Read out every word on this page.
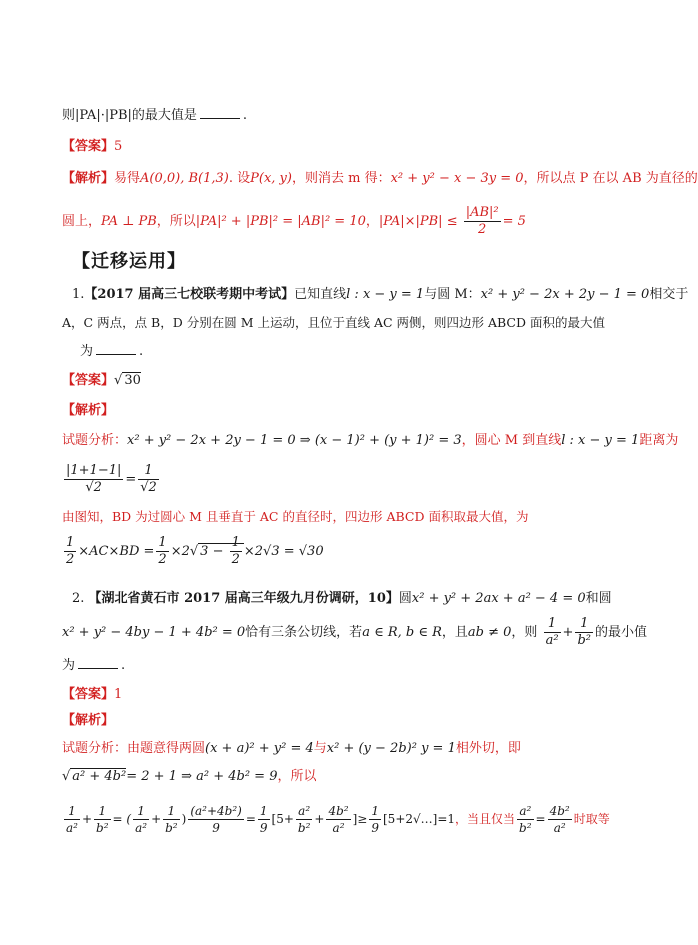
则|PA|·|PB|的最大值是	.
【答案】5
【解析】易得A(0,0), B(1,3). 设P(x, y)，则消去 m 得：x² + y² − x − 3y = 0，所以点 P 在以 AB 为直径的
圆上，PA ⊥ PB，所以|PA|² + |PB|² = |AB|² = 10，$|PA|\times|PB| \le \frac{\text{|AB|²}}{2} = 5$
【迁移运用】
1.【2017 届高三七校联考期中考试】已知直线l : x − y = 1与圆 M：x² + y² − 2x + 2y − 1 = 0相交于
A，C 两点，点 B，D 分别在圆 M 上运动，且位于直线 AC 两侧，则四边形 ABCD 面积的最大值
为	.
【答案】√ 30
【解析】
试题分析：x² + y² − 2x + 2y − 1 = 0 ⇒ (x − 1)² + (y + 1)² = 3，圆心 M 到直线l : x − y = 1距离为
$\frac{|1+1-1|}{√2} = \frac{1}{√2}$
由图知，BD 为过圆心 M 且垂直于 AC 的直径时，四边形 ABCD 面积取最大值，为
$\frac{1}{2} \times AC\times BD = \frac{1}{2} \times 2√$ $3 - \frac{1}{2} \times 2√3 = √30$
2. 【湖北省黄石市 2017 届高三年级九月份调研，10】圆x² + y² + 2ax + a² − 4 = 0和圆
x² + y² − 4by − 1 + 4b² = 0恰有三条公切线，若a ∈ R, b ∈ R，且ab ≠ 0，则 $\frac{1}{\text{a²}} + \frac{1}{\text{b²}}$ 的最小值
为	.
【答案】1
【解析】
试题分析：由题意得两圆(x + a)² + y² = 4与x² + (y − 2b)² y = 1相外切，即
√ a² + 4b²= 2 + 1 ⇒ a² + 4b² = 9，所以
$\frac{1}{\text{a²}} + \frac{1}{\text{b²}}$ = ( $\frac{1}{\text{a²}} + \frac{1}{\text{b²}}$ ) $\frac{\text{(a²+4b²)}}{9} = \frac{1}{9} [5+ \frac{\text{a²}}{\text{b²}} + \frac{\text{4b²}}{\text{a²}}$ ]≥ $\frac{1}{9}$ [5+2√…]=1，当且仅当 $\frac{\text{a²}}{\text{b²}} = \frac{\text{4b²}}{\text{a²}}$ 时取等
